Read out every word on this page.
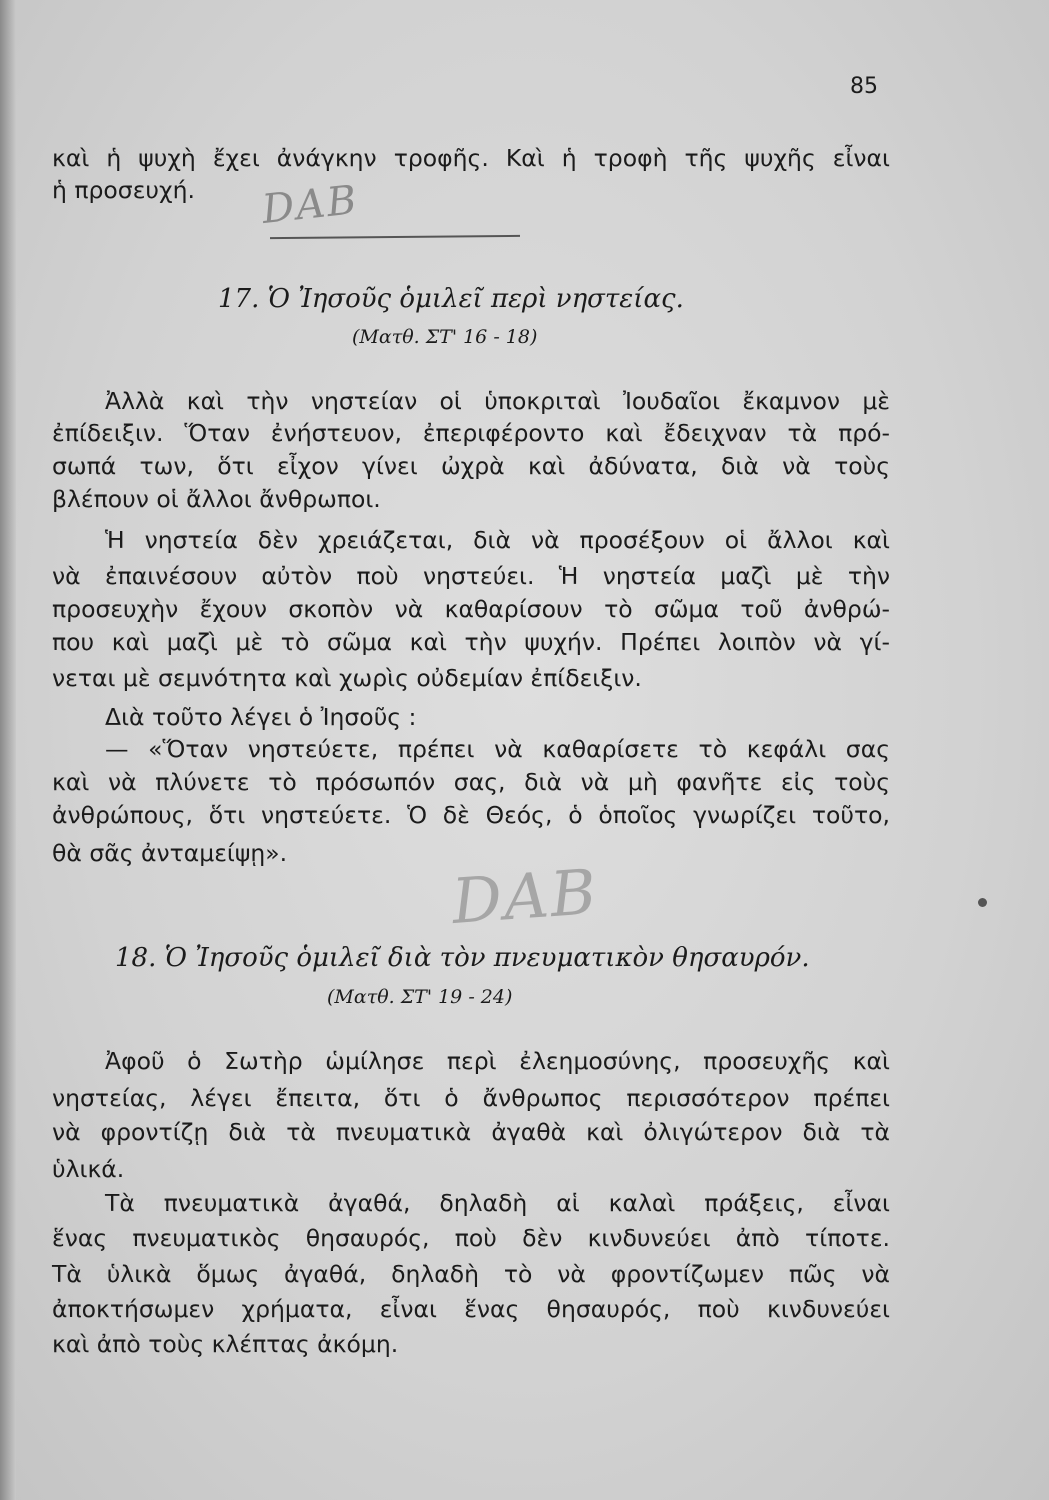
85
καὶ ἡ ψυχὴ ἔχει ἀνάγκην τροφῆς. Καὶ ἡ τροφὴ τῆς ψυχῆς εἶναι
ἡ προσευχή.	DAB
17. Ὁ Ἰησοῦς ὁμιλεῖ περὶ νηστείας.
(Ματθ. ΣΤ' 16 - 18)
Ἀλλὰ καὶ τὴν νηστείαν οἱ ὑποκριταὶ Ἰουδαῖοι ἔκαμνον μὲ
ἐπίδειξιν. Ὅταν ἐνήστευον, ἐπεριφέροντο καὶ ἔδειχναν τὰ πρό-
σωπά των, ὅτι εἶχον γίνει ὠχρὰ καὶ ἀδύνατα, διὰ νὰ τοὺς
βλέπουν οἱ ἄλλοι ἄνθρωποι.
Ἡ νηστεία δὲν χρειάζεται, διὰ νὰ προσέξουν οἱ ἄλλοι καὶ
νὰ ἐπαινέσουν αὐτὸν ποὺ νηστεύει. Ἡ νηστεία μαζὶ μὲ τὴν
προσευχὴν ἔχουν σκοπὸν νὰ καθαρίσουν τὸ σῶμα τοῦ ἀνθρώ-
που καὶ μαζὶ μὲ τὸ σῶμα καὶ τὴν ψυχήν. Πρέπει λοιπὸν νὰ γί-
νεται μὲ σεμνότητα καὶ χωρὶς οὐδεμίαν ἐπίδειξιν.
Διὰ τοῦτο λέγει ὁ Ἰησοῦς :
— «Ὅταν νηστεύετε, πρέπει νὰ καθαρίσετε τὸ κεφάλι σας
καὶ νὰ πλύνετε τὸ πρόσωπόν σας, διὰ νὰ μὴ φανῆτε εἰς τοὺς
ἀνθρώπους, ὅτι νηστεύετε. Ὁ δὲ Θεός, ὁ ὁποῖος γνωρίζει τοῦτο,
θὰ σᾶς ἀνταμείψῃ».
DAB
18. Ὁ Ἰησοῦς ὁμιλεῖ διὰ τὸν πνευματικὸν θησαυρόν.
(Ματθ. ΣΤ' 19 - 24)
Ἀφοῦ ὁ Σωτὴρ ὡμίλησε περὶ ἐλεημοσύνης, προσευχῆς καὶ
νηστείας, λέγει ἔπειτα, ὅτι ὁ ἄνθρωπος περισσότερον πρέπει
νὰ φροντίζῃ διὰ τὰ πνευματικὰ ἀγαθὰ καὶ ὀλιγώτερον διὰ τὰ
ὑλικά.
Τὰ πνευματικὰ ἀγαθά, δηλαδὴ αἱ καλαὶ πράξεις, εἶναι
ἕνας πνευματικὸς θησαυρός, ποὺ δὲν κινδυνεύει ἀπὸ τίποτε.
Τὰ ὑλικὰ ὅμως ἀγαθά, δηλαδὴ τὸ νὰ φροντίζωμεν πῶς νὰ
ἀποκτήσωμεν χρήματα, εἶναι ἕνας θησαυρός, ποὺ κινδυνεύει
καὶ ἀπὸ τοὺς κλέπτας ἀκόμη.
